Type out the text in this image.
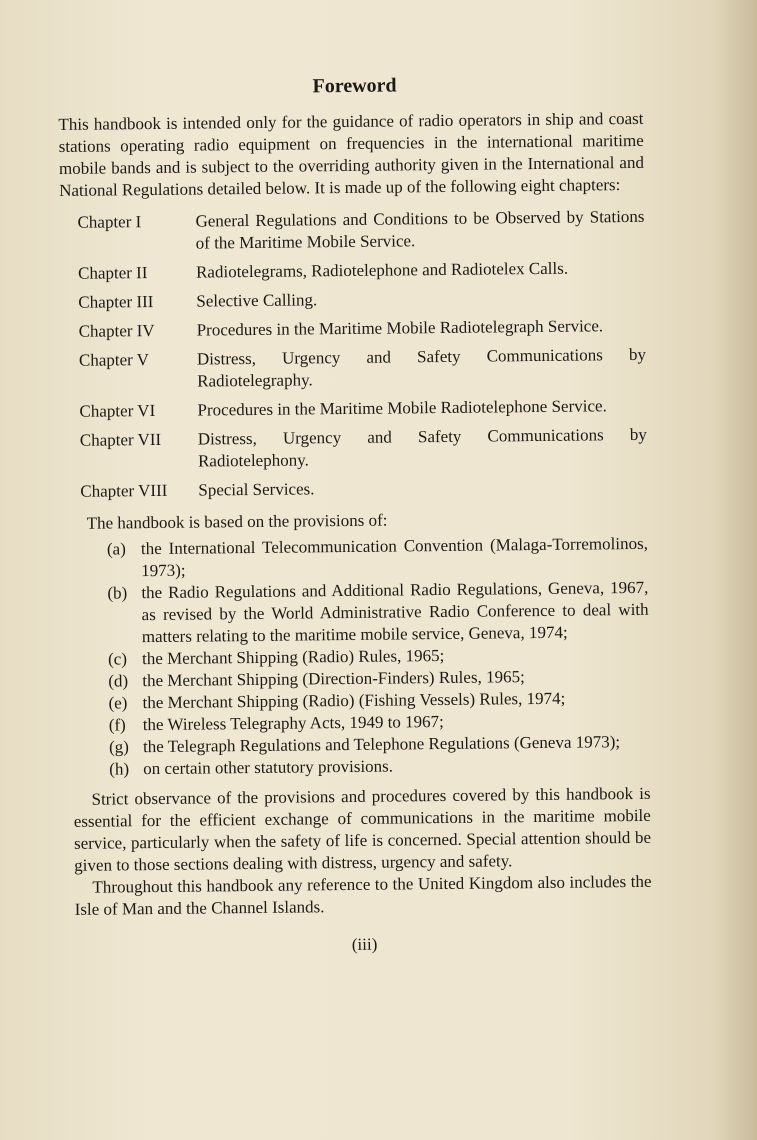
Foreword

This handbook is intended only for the guidance of radio operators in ship and coast stations operating radio equipment on frequencies in the international maritime mobile bands and is subject to the overriding authority given in the International and National Regulations detailed below. It is made up of the following eight chapters:

Chapter I	General Regulations and Conditions to be Observed by Stations of the Maritime Mobile Service.
Chapter II	Radiotelegrams, Radiotelephone and Radiotelex Calls.
Chapter III	Selective Calling.
Chapter IV	Procedures in the Maritime Mobile Radiotelegraph Service.
Chapter V	Distress, Urgency and Safety Communications by Radiotelegraphy.
Chapter VI	Procedures in the Maritime Mobile Radiotelephone Service.
Chapter VII	Distress, Urgency and Safety Communications by Radiotelephony.
Chapter VIII	Special Services.
The handbook is based on the provisions of:
(a) the International Telecommunication Convention (Malaga-Torremolinos, 1973);
(b) the Radio Regulations and Additional Radio Regulations, Geneva, 1967, as revised by the World Administrative Radio Conference to deal with matters relating to the maritime mobile service, Geneva, 1974;
(c) the Merchant Shipping (Radio) Rules, 1965;
(d) the Merchant Shipping (Direction-Finders) Rules, 1965;
(e) the Merchant Shipping (Radio) (Fishing Vessels) Rules, 1974;
(f) the Wireless Telegraphy Acts, 1949 to 1967;
(g) the Telegraph Regulations and Telephone Regulations (Geneva 1973);
(h) on certain other statutory provisions.

Strict observance of the provisions and procedures covered by this handbook is essential for the efficient exchange of communications in the maritime mobile service, particularly when the safety of life is concerned. Special attention should be given to those sections dealing with distress, urgency and safety.

Throughout this handbook any reference to the United Kingdom also includes the Isle of Man and the Channel Islands.

(iii)
